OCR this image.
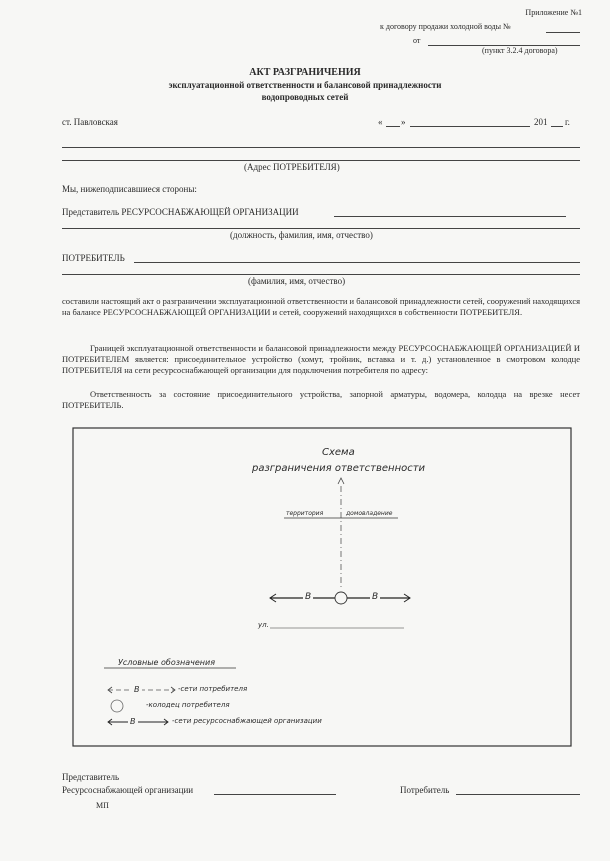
Приложение №1
к договору продажи холодной воды №
от
(пункт 3.2.4 договора)
АКТ РАЗГРАНИЧЕНИЯ
эксплуатационной ответственности и балансовой принадлежности
водопроводных сетей
ст. Павловская	« »	201 г.
(Адрес ПОТРЕБИТЕЛЯ)
Мы, нижеподписавшиеся стороны:
Представитель РЕСУРСОСНАБЖАЮЩЕЙ ОРГАНИЗАЦИИ
(должность, фамилия, имя, отчество)
ПОТРЕБИТЕЛЬ
(фамилия, имя, отчество)
составили настоящий акт о разграничении эксплуатационной ответственности и балансовой принадлежности сетей, сооружений находящихся на балансе РЕСУРСОСНАБЖАЮЩЕЙ ОРГАНИЗАЦИИ и сетей, сооружений находящихся в собственности ПОТРЕБИТЕЛЯ.
Границей эксплуатационной ответственности и балансовой принадлежности между РЕСУРСОСНАБЖАЮЩЕЙ ОРГАНИЗАЦИЕЙ И ПОТРЕБИТЕЛЕМ является: присоединительное устройство (хомут, тройник, вставка и т. д.) установленное в смотровом колодце ПОТРЕБИТЕЛЯ на сети ресурсоснабжающей организации для подключения потребителя по адресу:
Ответственность за состояние присоединительного устройства, запорной арматуры, водомера, колодца на врезке несет ПОТРЕБИТЕЛЬ.
Схема
разграничения ответственности
территория	домовладение
В	В
ул.
Условные обозначения
В	-сети потребителя
-колодец потребителя
В	-сети ресурсоснабжающей организации
Представитель
Ресурсоснабжающей организации	Потребитель
МП
